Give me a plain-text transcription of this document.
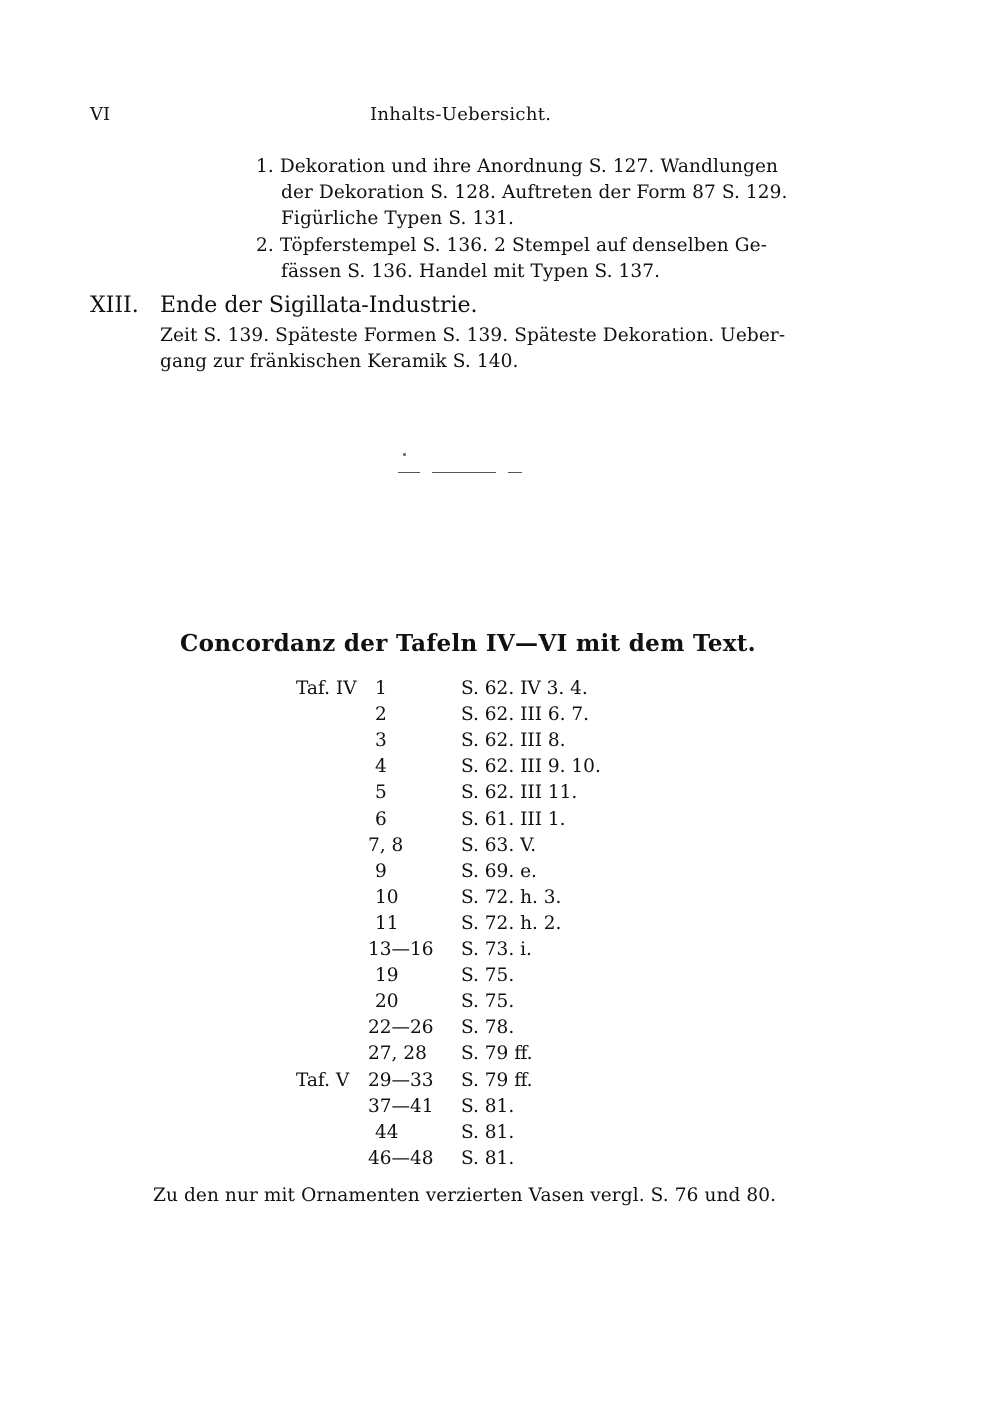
VI	Inhalts-Uebersicht.
1. Dekoration und ihre Anordnung S. 127. Wandlungen
der Dekoration S. 128. Auftreten der Form 87 S. 129.
Figürliche Typen S. 131.
2. Töpferstempel S. 136. 2 Stempel auf denselben Ge-
fässen S. 136. Handel mit Typen S. 137.
XIII. Ende der Sigillata-Industrie.
Zeit S. 139. Späteste Formen S. 139. Späteste Dekoration. Ueber-
gang zur fränkischen Keramik S. 140.
Concordanz der Tafeln IV—VI mit dem Text.
Taf. IV 1	S. 62. IV 3. 4.
2	S. 62. III 6. 7.
3	S. 62. III 8.
4	S. 62. III 9. 10.
5	S. 62. III 11.
6	S. 61. III 1.
7, 8	S. 63. V.
9	S. 69. e.
10	S. 72. h. 3.
11	S. 72. h. 2.
13—16 S. 73. i.
19	S. 75.
20	S. 75.
22—26 S. 78.
27, 28 S. 79 ff.
Taf. V 29—33 S. 79 ff.
37—41 S. 81.
44	S. 81.
46—48 S. 81.
Zu den nur mit Ornamenten verzierten Vasen vergl. S. 76 und 80.
